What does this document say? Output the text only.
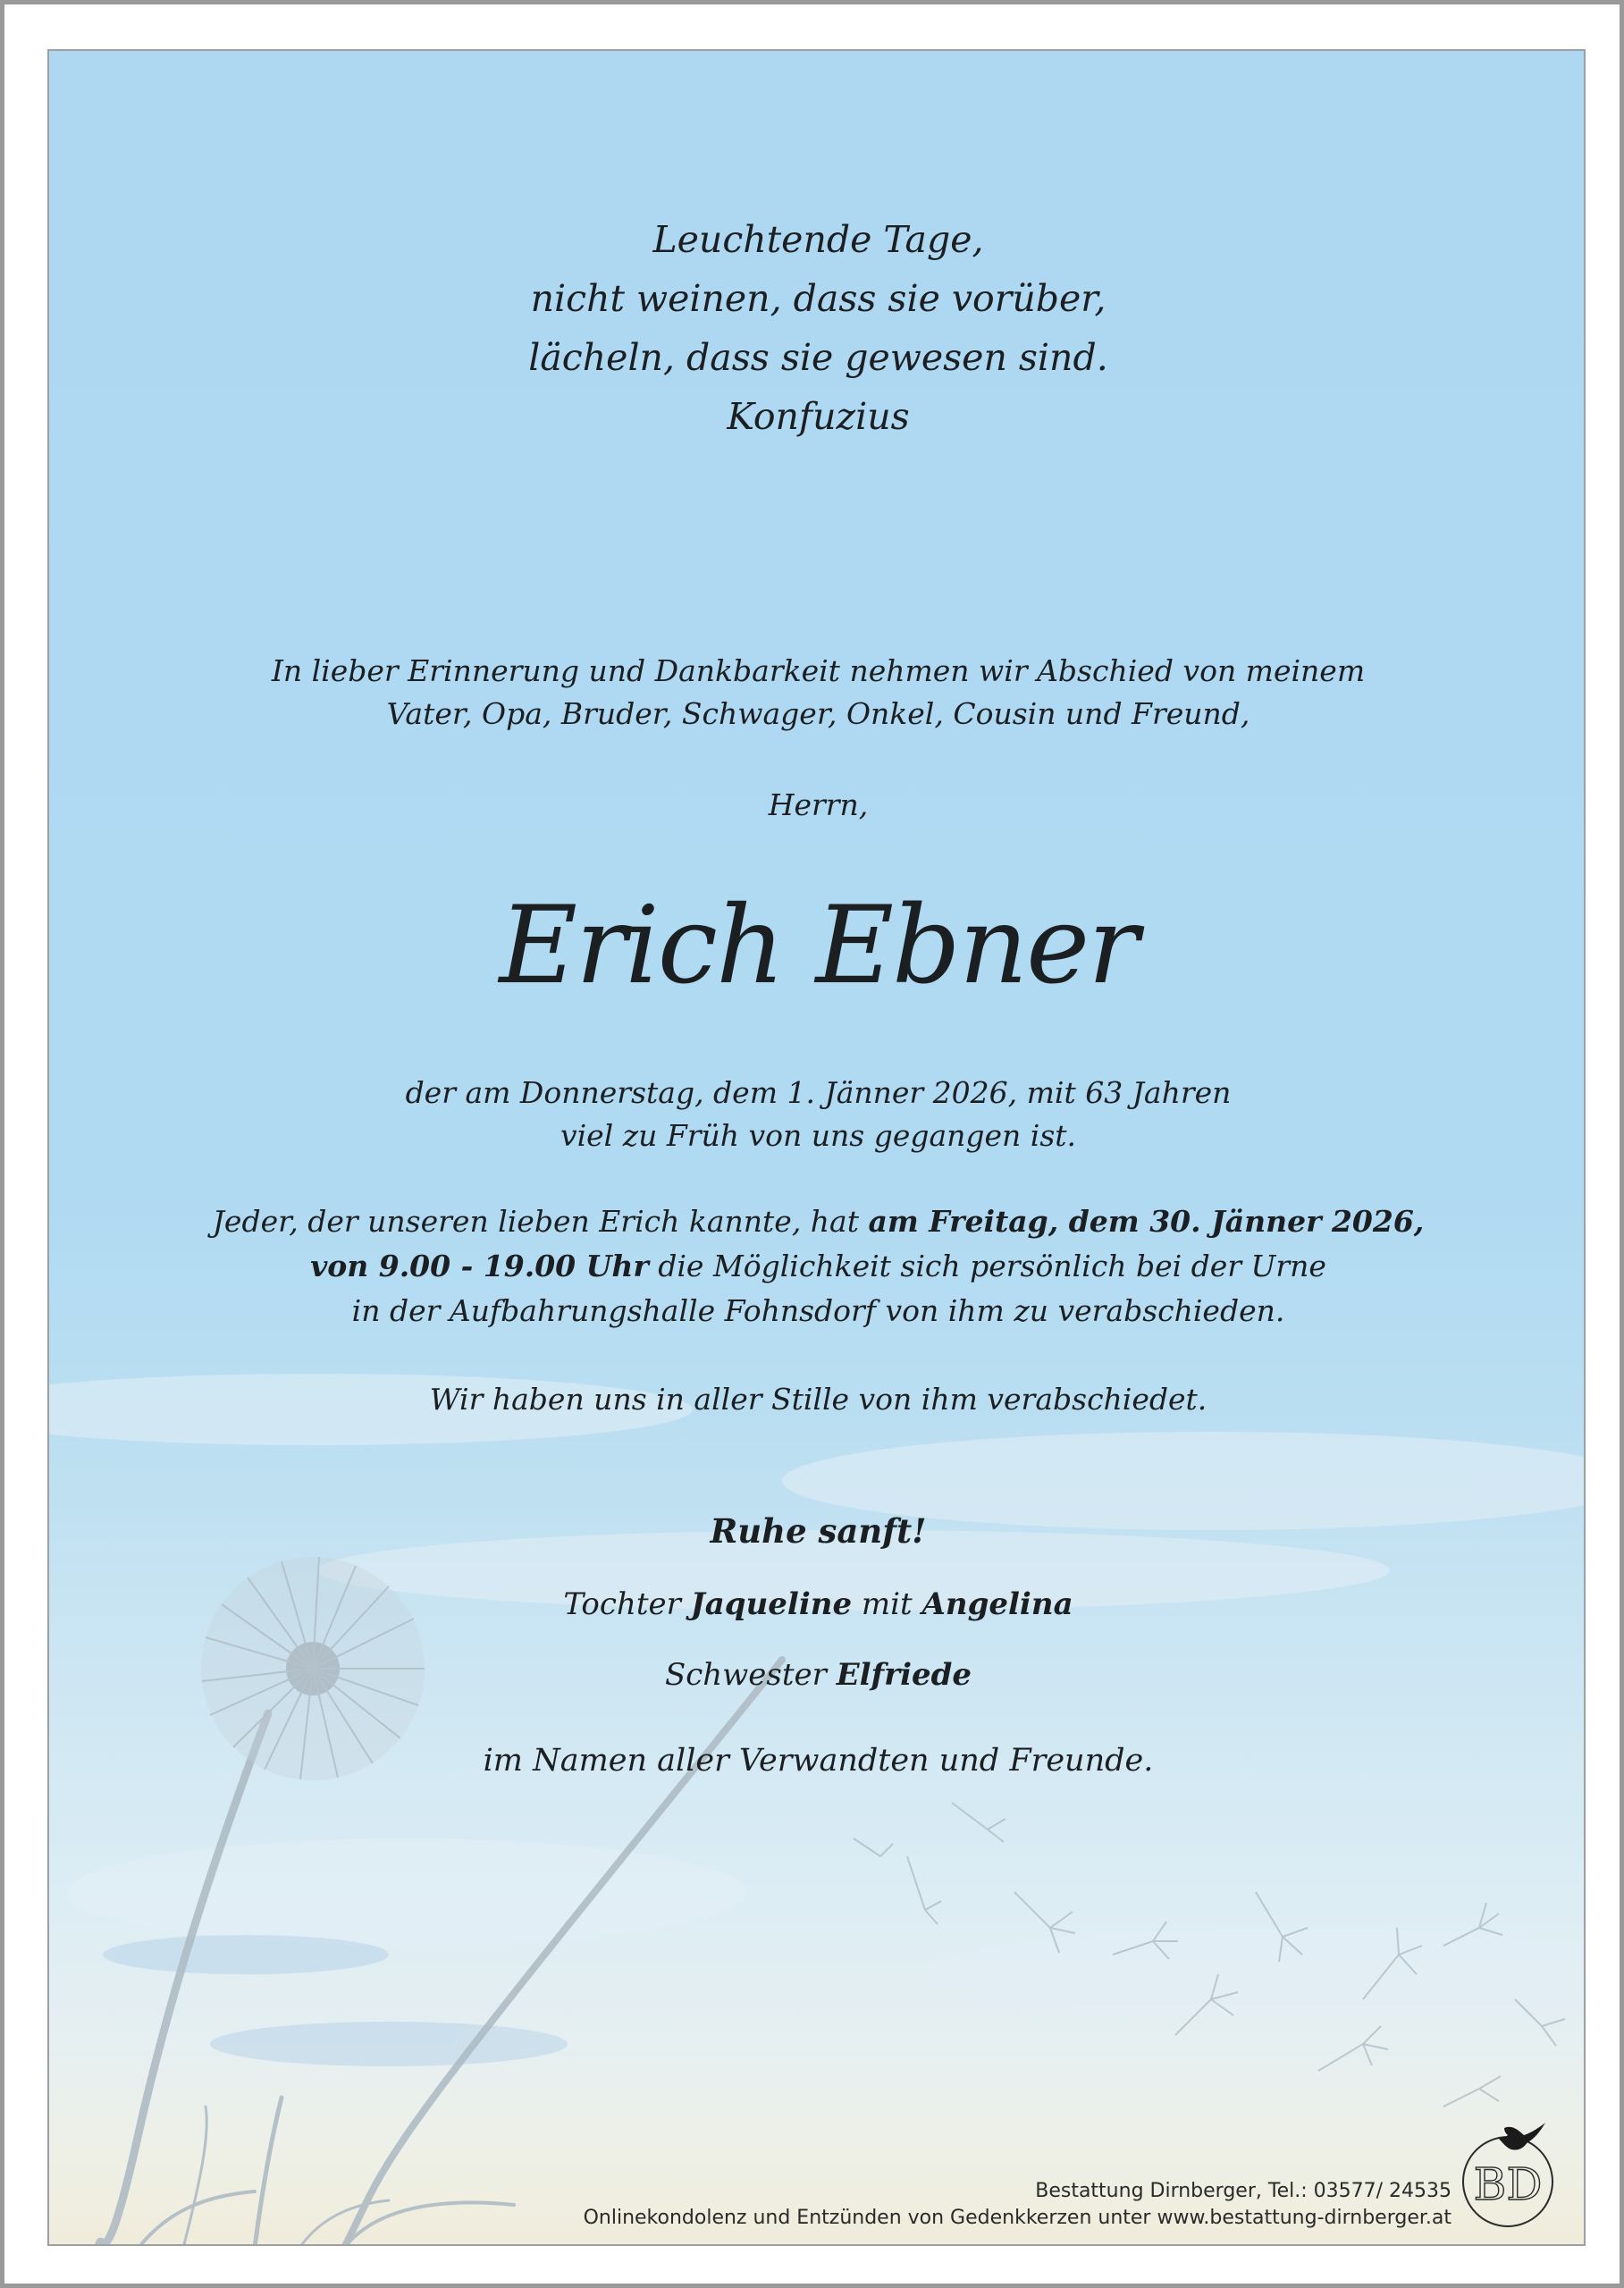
Leuchtende Tage,
nicht weinen, dass sie vorüber,
lächeln, dass sie gewesen sind.
Konfuzius
In lieber Erinnerung und Dankbarkeit nehmen wir Abschied von meinem
Vater, Opa, Bruder, Schwager, Onkel, Cousin und Freund,
Herrn,
Erich Ebner
der am Donnerstag, dem 1. Jänner 2026, mit 63 Jahren
viel zu Früh von uns gegangen ist.
Jeder, der unseren lieben Erich kannte, hat am Freitag, dem 30. Jänner 2026,
von 9.00 - 19.00 Uhr die Möglichkeit sich persönlich bei der Urne
in der Aufbahrungshalle Fohnsdorf von ihm zu verabschieden.
Wir haben uns in aller Stille von ihm verabschiedet.
Ruhe sanft!
Tochter Jaqueline mit Angelina
Schwester Elfriede
im Namen aller Verwandten und Freunde.
Bestattung Dirnberger, Tel.: 03577/ 24535
Onlinekondolenz und Entzünden von Gedenkkerzen unter www.bestattung-dirnberger.at
BD
